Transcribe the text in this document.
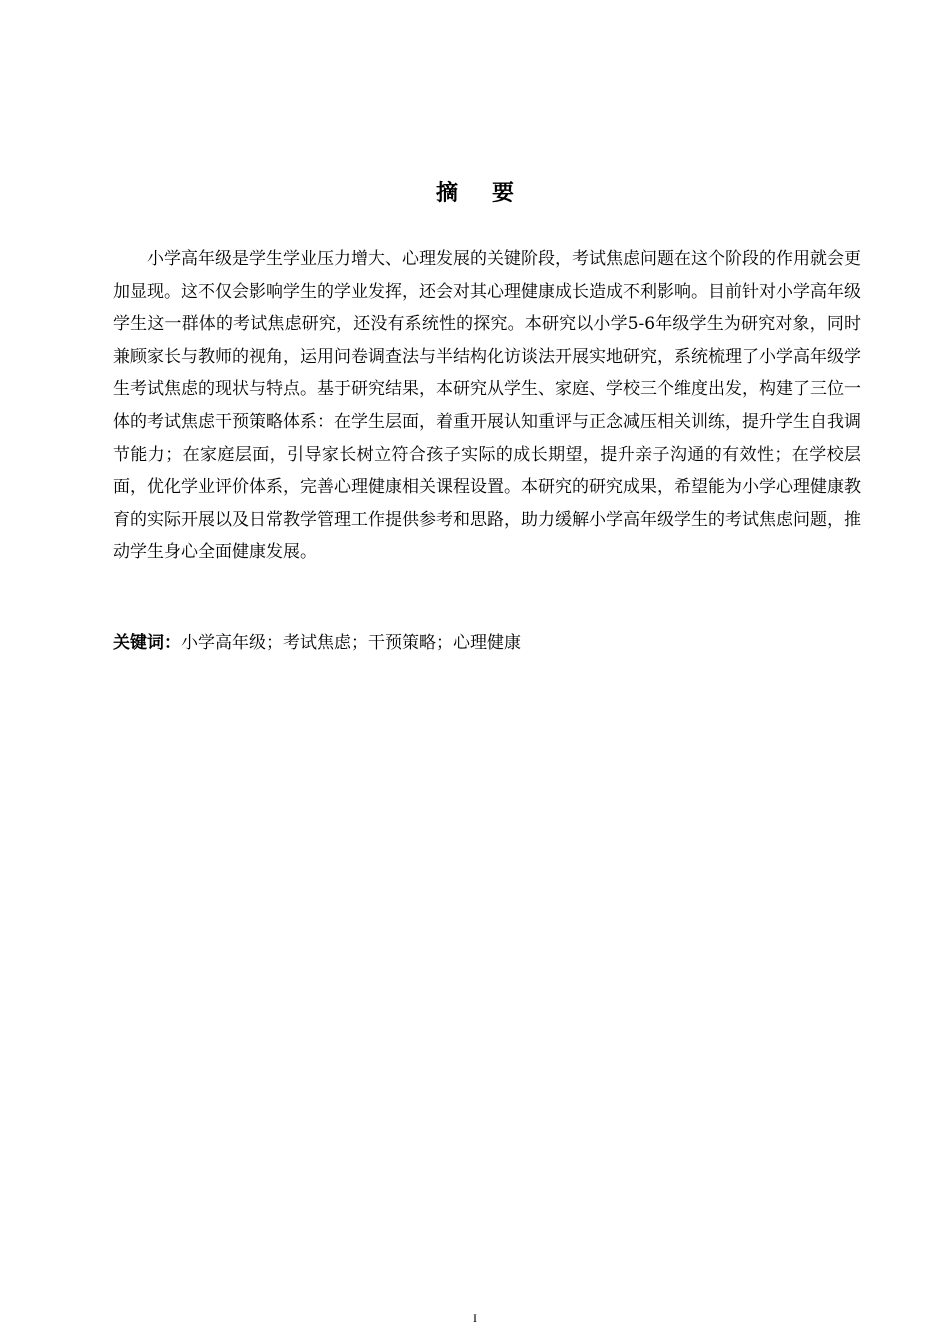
摘要

小学高年级是学生学业压力增大、心理发展的关键阶段，考试焦虑问题在这个阶段的作用就会更加显现。这不仅会影响学生的学业发挥，还会对其心理健康成长造成不利影响。目前针对小学高年级学生这一群体的考试焦虑研究，还没有系统性的探究。本研究以小学5-6年级学生为研究对象，同时兼顾家长与教师的视角，运用问卷调查法与半结构化访谈法开展实地研究，系统梳理了小学高年级学生考试焦虑的现状与特点。基于研究结果，本研究从学生、家庭、学校三个维度出发，构建了三位一体的考试焦虑干预策略体系：在学生层面，着重开展认知重评与正念减压相关训练，提升学生自我调节能力；在家庭层面，引导家长树立符合孩子实际的成长期望，提升亲子沟通的有效性；在学校层面，优化学业评价体系，完善心理健康相关课程设置。本研究的研究成果，希望能为小学心理健康教育的实际开展以及日常教学管理工作提供参考和思路，助力缓解小学高年级学生的考试焦虑问题，推动学生身心全面健康发展。

关键词：小学高年级；考试焦虑；干预策略；心理健康

I
